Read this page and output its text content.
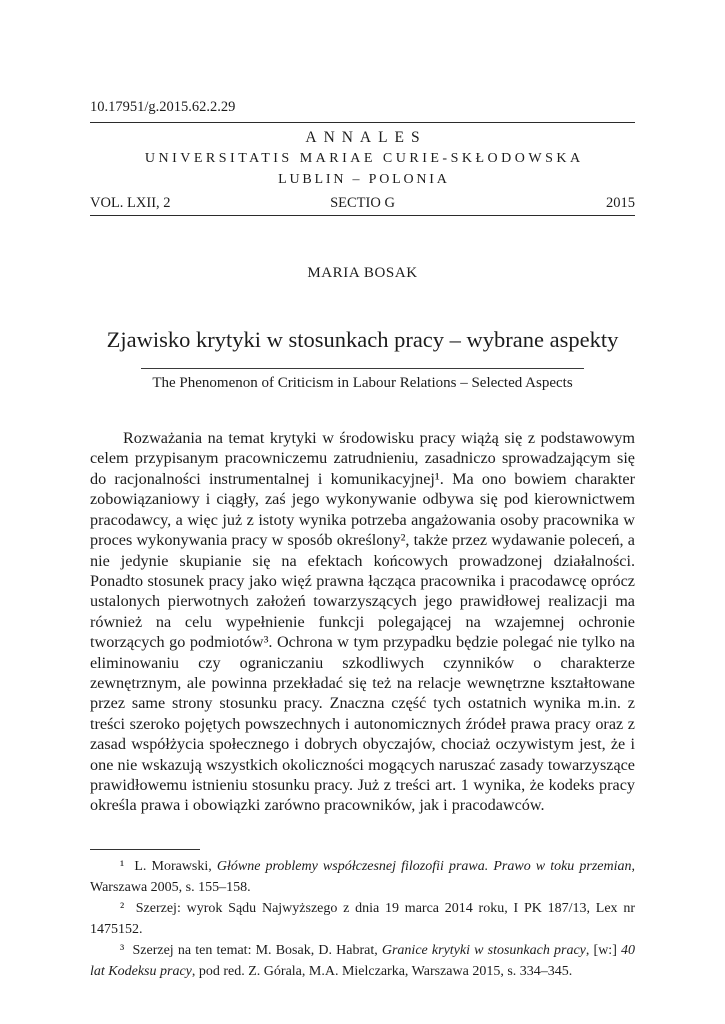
10.17951/g.2015.62.2.29
ANNALES
UNIVERSITATIS MARIAE CURIE-SKŁODOWSKA
LUBLIN – POLONIA
VOL. LXII, 2	SECTIO G	2015
MARIA BOSAK
Zjawisko krytyki w stosunkach pracy – wybrane aspekty
The Phenomenon of Criticism in Labour Relations – Selected Aspects

Rozważania na temat krytyki w środowisku pracy wiążą się z podstawowym celem przypisanym pracowniczemu zatrudnieniu, zasadniczo sprowadzającym się do racjonalności instrumentalnej i komunikacyjnej¹. Ma ono bowiem charakter zobowiązaniowy i ciągły, zaś jego wykonywanie odbywa się pod kierownictwem pracodawcy, a więc już z istoty wynika potrzeba angażowania osoby pracownika w proces wykonywania pracy w sposób określony², także przez wydawanie poleceń, a nie jedynie skupianie się na efektach końcowych prowadzonej działalności. Ponadto stosunek pracy jako więź prawna łącząca pracownika i pracodawcę oprócz ustalonych pierwotnych założeń towarzyszących jego prawidłowej realizacji ma również na celu wypełnienie funkcji polegającej na wzajemnej ochronie tworzących go podmiotów³. Ochrona w tym przypadku będzie polegać nie tylko na eliminowaniu czy ograniczaniu szkodliwych czynników o charakterze zewnętrznym, ale powinna przekładać się też na relacje wewnętrzne kształtowane przez same strony stosunku pracy. Znaczna część tych ostatnich wynika m.in. z treści szeroko pojętych powszechnych i autonomicznych źródeł prawa pracy oraz z zasad współżycia społecznego i dobrych obyczajów, chociaż oczywistym jest, że i one nie wskazują wszystkich okoliczności mogących naruszać zasady towarzyszące prawidłowemu istnieniu stosunku pracy. Już z treści art. 1 wynika, że kodeks pracy określa prawa i obowiązki zarówno pracowników, jak i pracodawców.

¹  L. Morawski, Główne problemy współczesnej filozofii prawa. Prawo w toku przemian, Warszawa 2005, s. 155–158.

²  Szerzej: wyrok Sądu Najwyższego z dnia 19 marca 2014 roku, I PK 187/13, Lex nr 1475152.

³  Szerzej na ten temat: M. Bosak, D. Habrat, Granice krytyki w stosunkach pracy, [w:] 40 lat Kodeksu pracy, pod red. Z. Górala, M.A. Mielczarka, Warszawa 2015, s. 334–345.
